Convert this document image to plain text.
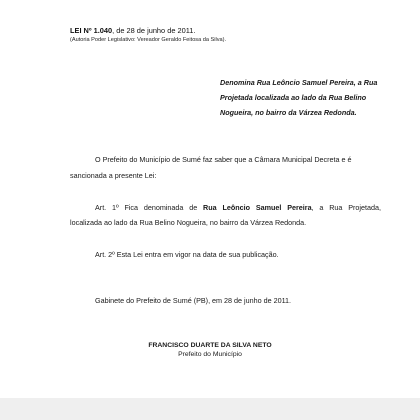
LEI Nº 1.040, de 28 de junho de 2011.
(Autoria Poder Legislativo: Vereador Geraldo Feitosa da Silva).
Denomina Rua Leôncio Samuel Pereira, a Rua
Projetada localizada ao lado da Rua Belino
Nogueira, no bairro da Várzea Redonda.
O Prefeito do Município de Sumé faz saber que a Câmara Municipal Decreta e é
sancionada a presente Lei:
Art. 1º Fica denominada de Rua Leôncio Samuel Pereira, a Rua Projetada,
localizada ao lado da Rua Belino Nogueira, no bairro da Várzea Redonda.
Art. 2º Esta Lei entra em vigor na data de sua publicação.
Gabinete do Prefeito de Sumé (PB), em 28 de junho de 2011.
FRANCISCO DUARTE DA SILVA NETO
Prefeito do Município
